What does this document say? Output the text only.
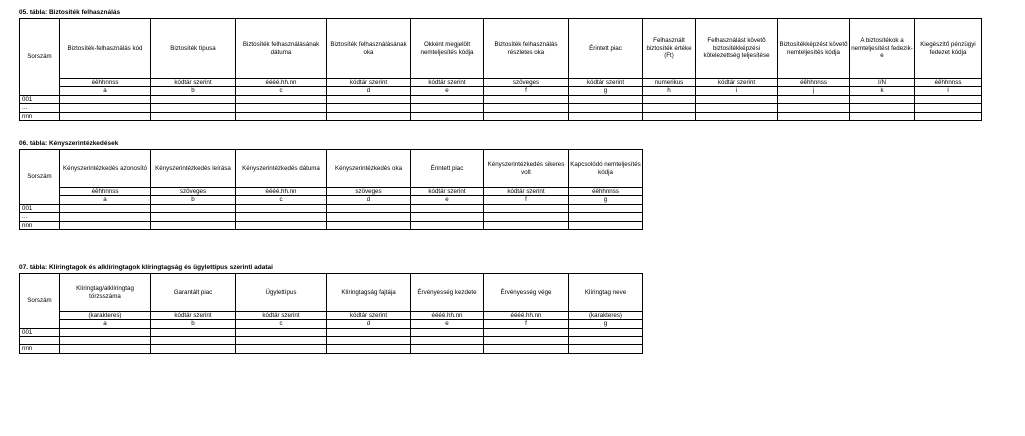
05. tábla: Biztosíték felhasználás
Sorszám	Biztosíték-felhasználás kód	Biztosíték típusa	Biztosíték felhasználásának dátuma	Biztosíték felhasználásának oka	Okként megjelölt nemteljesítés kódja	Biztosíték felhasználás részletes oka	Érintett piac	Felhasznált biztosíték értéke (Ft)	Felhasználást követő biztosítékképzési kötelezettség teljesítése	Biztosítékképzést követő nemteljesítés kódja	A biztosítékok a nemteljesítést fedezik-e	Kiegészítő pénzügyi fedezet kódja
	éêhhnnss	kódtár szerint	éééé.hh.nn	kódtár szerint	kódtár szerint	szöveges	kódtár szerint	numerikus	kódtár szerint	éêhhnnss	I/N	éêhhnnss
	a	b	c	d	e	f	g	h	i	j	k	l
001												
...												
nnn												
06. tábla: Kényszerintézkedések
Sorszám	Kényszerintézkedés azonosító	Kényszerintézkedés leírása	Kényszerintézkedés dátuma	Kényszerintézkedés oka	Érintett piac	Kényszerintézkedés sikeres volt	Kapcsolódó nemteljesítés kódja
	éêhhnnss	szöveges	éééé.hh.nn	szöveges	kódtár szerint	kódtár szerint	éêhhnnss
	a	b	c	d	e	f	g
001							
...							
nnn							
07. tábla: Klíringtagok és alklíringtagok klíringtagság és ügylettípus szerinti adatai
Sorszám	Klíringtag/alklíringtag törzsszáma	Garantált piac	Ügylettípus	Klíringtagság fajtája	Érvényesség kezdete	Érvényesség vége	Klíringtag neve
	(karakteres)	kódtár szerint	kódtár szerint	kódtár szerint	éééé.hh.nn	éééé.hh.nn	(karakteres)
	a	b	c	d	e	f	g
001							

nnn							
